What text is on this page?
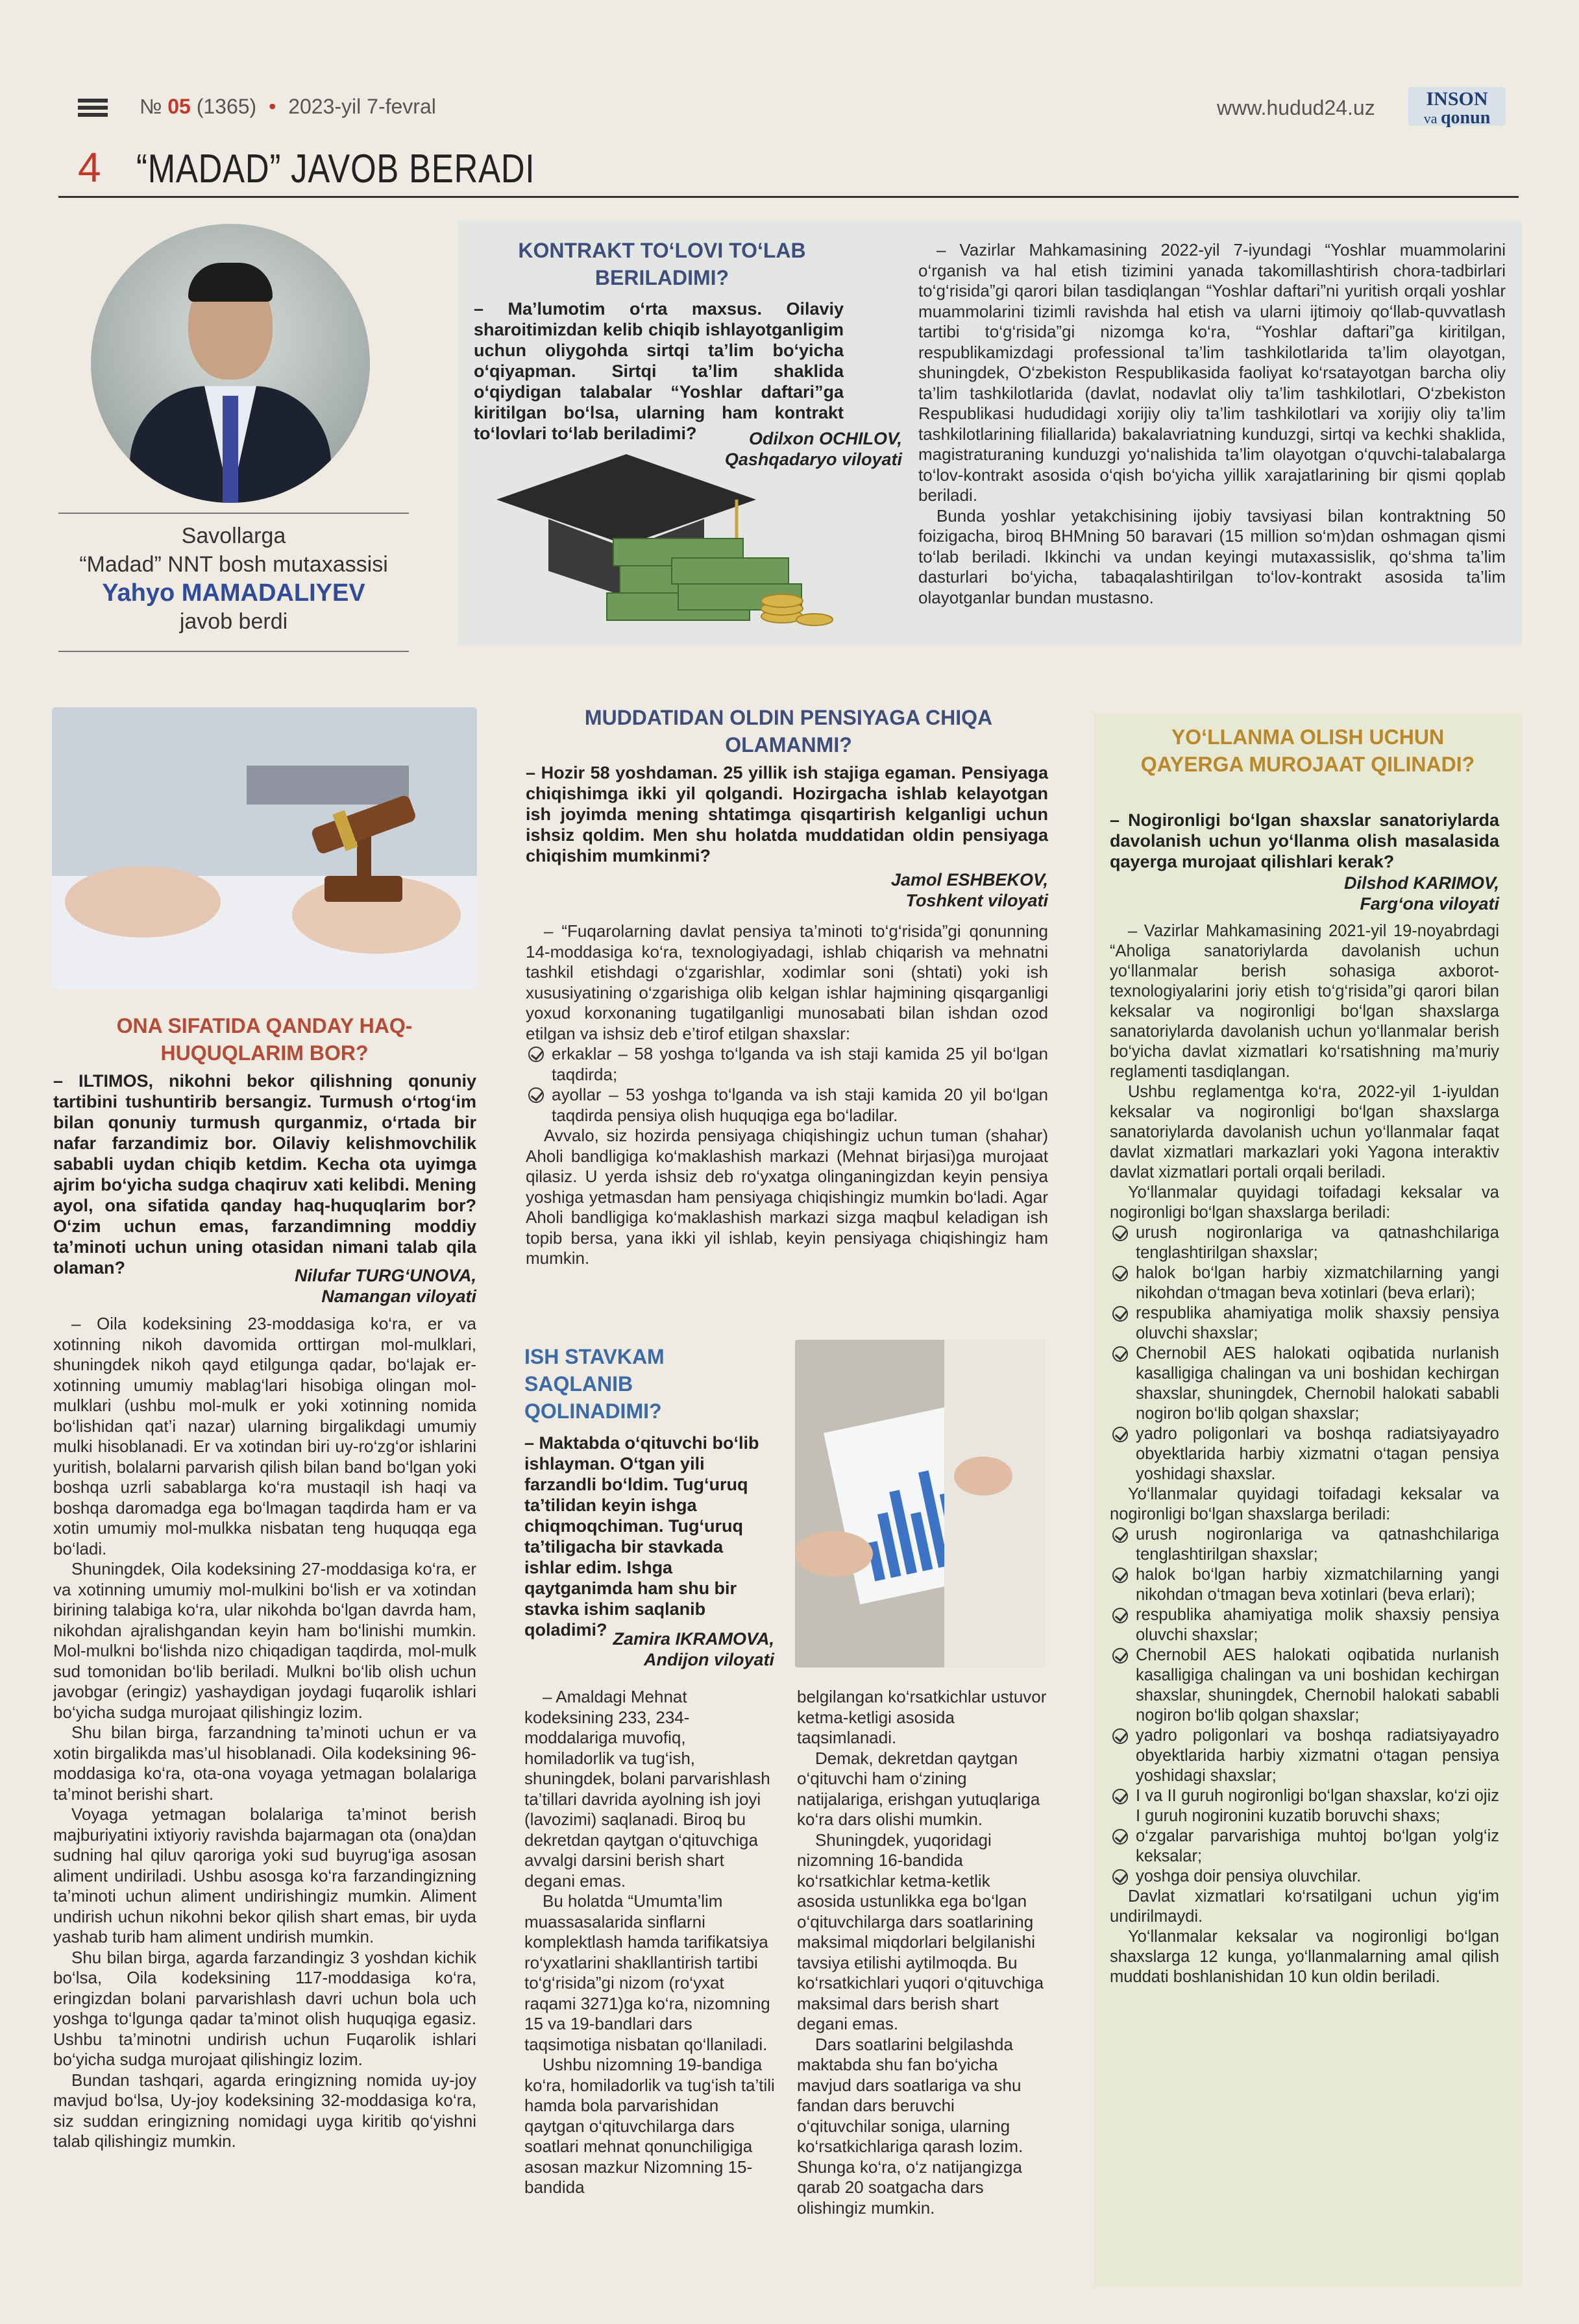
№ 05 (1365) • 2023-yil 7-fevral	www.hudud24.uz	INSON
va qonun
4 “MADAD” JAVOB BERADI
Savollarga
“Madad” NNT bosh mutaxassisi
Yahyo MAMADALIYEV
javob berdi
KONTRAKT TO‘LOVI TO‘LAB BERILADIMI?
– Ma’lumotim o‘rta maxsus. Oilaviy sharoitimizdan kelib chiqib ishlayotganligim uchun oliygohda sirtqi ta’lim bo‘yicha o‘qiyapman. Sirtqi ta’lim shaklida o‘qiydigan talabalar “Yoshlar daftari”ga kiritilgan bo‘lsa, ularning ham kontrakt to‘lovlari to‘lab beriladimi?	Odilxon OCHILOV,
Qashqadaryo viloyati

– Vazirlar Mahkamasining 2022-yil 7-iyundagi “Yoshlar muammolarini o‘rganish va hal etish tizimini yanada takomillashtirish chora-tadbirlari to‘g‘risida”gi qarori bilan tasdiqlangan “Yoshlar daftari”ni yuritish orqali yoshlar muammolarini tizimli ravishda hal etish va ularni ijtimoiy qo‘llab-quvvatlash tartibi to‘g‘risida”gi nizomga ko‘ra, “Yoshlar daftari”ga kiritilgan, respublikamizdagi professional ta’lim tashkilotlarida ta’lim olayotgan, shuningdek, O‘zbekiston Respublikasida faoliyat ko‘rsatayotgan barcha oliy ta’lim tashkilotlarida (davlat, nodavlat oliy ta’lim tashkilotlari, O‘zbekiston Respublikasi hududidagi xorijiy oliy ta’lim tashkilotlari va xorijiy oliy ta’lim tashkilotlarining filiallarida) bakalavriatning kunduzgi, sirtqi va kechki shaklida, magistraturaning kunduzgi yo‘nalishida ta’lim olayotgan o‘quvchi-talabalarga to‘lov-kontrakt asosida o‘qish bo‘yicha yillik xarajatlarining bir qismi qoplab beriladi.

Bunda yoshlar yetakchisining ijobiy tavsiyasi bilan kontraktning 50 foizigacha, biroq BHMning 50 baravari (15 million so‘m)dan oshmagan qismi to‘lab beriladi. Ikkinchi va undan keyingi mutaxassislik, qo‘shma ta’lim dasturlari bo‘yicha, tabaqalashtirilgan to‘lov-kontrakt asosida ta’lim olayotganlar bundan mustasno.

ONA SIFATIDA QANDAY HAQ-HUQUQLARIM BOR?
– ILTIMOS, nikohni bekor qilishning qonuniy tartibini tushuntirib bersangiz. Turmush o‘rtog‘im bilan qonuniy turmush qurganmiz, o‘rtada bir nafar farzandimiz bor. Oilaviy kelishmovchilik sababli uydan chiqib ketdim. Kecha ota uyimga ajrim bo‘yicha sudga chaqiruv xati kelibdi. Mening ayol, ona sifatida qanday haq-huquqlarim bor? O‘zim uchun emas, farzandimning moddiy ta’minoti uchun uning otasidan nimani talab qila olaman?	Nilufar TURG‘UNOVA,
Namangan viloyati

– Oila kodeksining 23-moddasiga ko‘ra, er va xotinning nikoh davomida orttirgan mol-mulklari, shuningdek nikoh qayd etilgunga qadar, bo‘lajak er-xotinning umumiy mablag‘lari hisobiga olingan mol-mulklari (ushbu mol-mulk er yoki xotinning nomida bo‘lishidan qat’i nazar) ularning birgalikdagi umumiy mulki hisoblanadi. Er va xotindan biri uy-ro‘zg‘or ishlarini yuritish, bolalarni parvarish qilish bilan band bo‘lgan yoki boshqa uzrli sabablarga ko‘ra mustaqil ish haqi va boshqa daromadga ega bo‘lmagan taqdirda ham er va xotin umumiy mol-mulkka nisbatan teng huquqqa ega bo‘ladi.

Shuningdek, Oila kodeksining 27-moddasiga ko‘ra, er va xotinning umumiy mol-mulkini bo‘lish er va xotindan birining talabiga ko‘ra, ular nikohda bo‘lgan davrda ham, nikohdan ajralishgandan keyin ham bo‘linishi mumkin. Mol-mulkni bo‘lishda nizo chiqadigan taqdirda, mol-mulk sud tomonidan bo‘lib beriladi. Mulkni bo‘lib olish uchun javobgar (eringiz) yashaydigan joydagi fuqarolik ishlari bo‘yicha sudga murojaat qilishingiz lozim.

Shu bilan birga, farzandning ta’minoti uchun er va xotin birgalikda mas’ul hisoblanadi. Oila kodeksining 96-moddasiga ko‘ra, ota-ona voyaga yetmagan bolalariga ta’minot berishi shart.

Voyaga yetmagan bolalariga ta’minot berish majburiyatini ixtiyoriy ravishda bajarmagan ota (ona)dan sudning hal qiluv qaroriga yoki sud buyrug‘iga asosan aliment undiriladi. Ushbu asosga ko‘ra farzandingizning ta’minoti uchun aliment undirishingiz mumkin. Aliment undirish uchun nikohni bekor qilish shart emas, bir uyda yashab turib ham aliment undirish mumkin.

Shu bilan birga, agarda farzandingiz 3 yoshdan kichik bo‘lsa, Oila kodeksining 117-moddasiga ko‘ra, eringizdan bolani parvarishlash davri uchun bola uch yoshga to‘lgunga qadar ta’minot olish huquqiga egasiz. Ushbu ta’minotni undirish uchun Fuqarolik ishlari bo‘yicha sudga murojaat qilishingiz lozim.

Bundan tashqari, agarda eringizning nomida uy-joy mavjud bo‘lsa, Uy-joy kodeksining 32-moddasiga ko‘ra, siz suddan eringizning nomidagi uyga kiritib qo‘yishni talab qilishingiz mumkin.

MUDDATIDAN OLDIN PENSIYAGA CHIQA OLAMANMI?
– Hozir 58 yoshdaman. 25 yillik ish stajiga egaman. Pensiyaga chiqishimga ikki yil qolgandi. Hozirgacha ishlab kelayotgan ish joyimda mening shtatimga qisqartirish kelganligi uchun ishsiz qoldim. Men shu holatda muddatidan oldin pensiyaga chiqishim mumkinmi?
Jamol ESHBEKOV,
Toshkent viloyati

– “Fuqarolarning davlat pensiya ta’minoti to‘g‘risida”gi qonunning 14-moddasiga ko‘ra, texnologiyadagi, ishlab chiqarish va mehnatni tashkil etishdagi o‘zgarishlar, xodimlar soni (shtati) yoki ish xususiyatining o‘zgarishiga olib kelgan ishlar hajmining qisqarganligi yoxud korxonaning tugatilganligi munosabati bilan ishdan ozod etilgan va ishsiz deb e’tirof etilgan shaxslar:

erkaklar – 58 yoshga to‘lganda va ish staji kamida 25 yil bo‘lgan taqdirda;
ayollar – 53 yoshga to‘lganda va ish staji kamida 20 yil bo‘lgan taqdirda pensiya olish huquqiga ega bo‘ladilar.

Avvalo, siz hozirda pensiyaga chiqishingiz uchun tuman (shahar) Aholi bandligiga ko‘maklashish markazi (Mehnat birjasi)ga murojaat qilasiz. U yerda ishsiz deb ro‘yxatga olinganingizdan keyin pensiya yoshiga yetmasdan ham pensiyaga chiqishingiz mumkin bo‘ladi. Agar Aholi bandligiga ko‘maklashish markazi sizga maqbul keladigan ish topib bersa, yana ikki yil ishlab, keyin pensiyaga chiqishingiz ham mumkin.

ISH STAVKAM
SAQLANIB
QOLINADIMI?
– Maktabda o‘qituvchi bo‘lib ishlayman. O‘tgan yili farzandli bo‘ldim. Tug‘uruq ta’tilidan keyin ishga chiqmoqchiman. Tug‘uruq ta’tiligacha bir stavkada ishlar edim. Ishga qaytganimda ham shu bir stavka ishim saqlanib qoladimi? Zamira IKRAMOVA,
Andijon viloyati

– Amaldagi Mehnat kodeksining 233, 234-moddalariga muvofiq, homiladorlik va tug‘ish, shuningdek, bolani parvarishlash ta’tillari davrida ayolning ish joyi (lavozimi) saqlanadi. Biroq bu dekretdan qaytgan o‘qituvchiga avvalgi darsini berish shart degani emas.

Bu holatda “Umumta’lim muassasalarida sinflarni komplektlash hamda tarifikatsiya ro‘yxatlarini shakllantirish tartibi to‘g‘risida”gi nizom (ro‘yxat raqami 3271)ga ko‘ra, nizomning 15 va 19-bandlari dars taqsimotiga nisbatan qo‘llaniladi.

Ushbu nizomning 19-bandiga ko‘ra, homiladorlik va tug‘ish ta’tili hamda bola parvarishidan qaytgan o‘qituvchilarga dars soatlari mehnat qonunchiligiga asosan mazkur Nizomning 15-bandida

belgilangan ko‘rsatkichlar ustuvor ketma-ketligi asosida taqsimlanadi.

Demak, dekretdan qaytgan o‘qituvchi ham o‘zining natijalariga, erishgan yutuqlariga ko‘ra dars olishi mumkin.

Shuningdek, yuqoridagi nizomning 16-bandida ko‘rsatkichlar ketma-ketlik asosida ustunlikka ega bo‘lgan o‘qituvchilarga dars soatlarining maksimal miqdorlari belgilanishi tavsiya etilishi aytilmoqda. Bu ko‘rsatkichlari yuqori o‘qituvchiga maksimal dars berish shart degani emas.

Dars soatlarini belgilashda maktabda shu fan bo‘yicha mavjud dars soatlariga va shu fandan dars beruvchi o‘qituvchilar soniga, ularning ko‘rsatkichlariga qarash lozim. Shunga ko‘ra, o‘z natijangizga qarab 20 soatgacha dars olishingiz mumkin.

YO‘LLANMA OLISH UCHUN QAYERGA MUROJAAT QILINADI?
– Nogironligi bo‘lgan shaxslar sanatoriylarda davolanish uchun yo‘llanma olish masalasida qayerga murojaat qilishlari kerak?
Dilshod KARIMOV,
Farg‘ona viloyati

– Vazirlar Mahkamasining 2021-yil 19-noyabrdagi “Aholiga sanatoriylarda davolanish uchun yo‘llanmalar berish sohasiga axborot-texnologiyalarini joriy etish to‘g‘risida”gi qarori bilan keksalar va nogironligi bo‘lgan shaxslarga sanatoriylarda davolanish uchun yo‘llanmalar berish bo‘yicha davlat xizmatlari ko‘rsatishning ma’muriy reglamenti tasdiqlangan.

Ushbu reglamentga ko‘ra, 2022-yil 1-iyuldan keksalar va nogironligi bo‘lgan shaxslarga sanatoriylarda davolanish uchun yo‘llanmalar faqat davlat xizmatlari markazlari yoki Yagona interaktiv davlat xizmatlari portali orqali beriladi.

Yo‘llanmalar quyidagi toifadagi keksalar va nogironligi bo‘lgan shaxslarga beriladi:

urush nogironlariga va qatnashchilariga tenglashtirilgan shaxslar;
halok bo‘lgan harbiy xizmatchilarning yangi nikohdan o‘tmagan beva xotinlari (beva erlari);
respublika ahamiyatiga molik shaxsiy pensiya oluvchi shaxslar;
Chernobil AES halokati oqibatida nurlanish kasalligiga chalingan va uni boshidan kechirgan shaxslar, shuningdek, Chernobil halokati sababli nogiron bo‘lib qolgan shaxslar;
yadro poligonlari va boshqa radiatsiyayadro obyektlarida harbiy xizmatni o‘tagan pensiya yoshidagi shaxslar.

Yo‘llanmalar quyidagi toifadagi keksalar va nogironligi bo‘lgan shaxslarga beriladi:

urush nogironlariga va qatnashchilariga tenglashtirilgan shaxslar;
halok bo‘lgan harbiy xizmatchilarning yangi nikohdan o‘tmagan beva xotinlari (beva erlari);
respublika ahamiyatiga molik shaxsiy pensiya oluvchi shaxslar;
Chernobil AES halokati oqibatida nurlanish kasalligiga chalingan va uni boshidan kechirgan shaxslar, shuningdek, Chernobil halokati sababli nogiron bo‘lib qolgan shaxslar;
yadro poligonlari va boshqa radiatsiyayadro obyektlarida harbiy xizmatni o‘tagan pensiya yoshidagi shaxslar;
I va II guruh nogironligi bo‘lgan shaxslar, ko‘zi ojiz I guruh nogironini kuzatib boruvchi shaxs;
o‘zgalar parvarishiga muhtoj bo‘lgan yolg‘iz keksalar;
yoshga doir pensiya oluvchilar.

Davlat xizmatlari ko‘rsatilgani uchun yig‘im undirilmaydi.

Yo‘llanmalar keksalar va nogironligi bo‘lgan shaxslarga 12 kunga, yo‘llanmalarning amal qilish muddati boshlanishidan 10 kun oldin beriladi.
